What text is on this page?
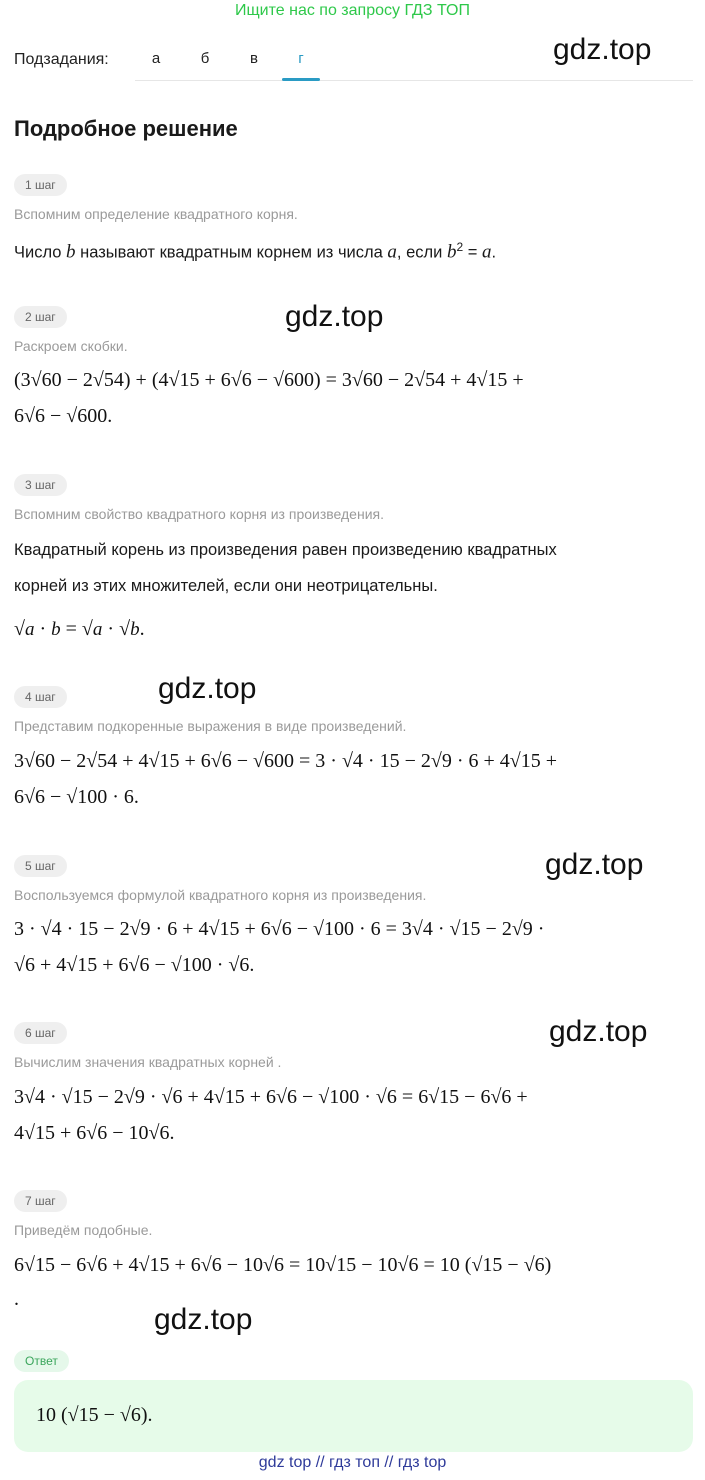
Ищите нас по запросу ГДЗ ТОП
Подзадания:	а	б	в	г	gdz.top
gdz.top
gdz.top
gdz.top
gdz.top
gdz.top
Подробное решение
1 шаг
Вспомним определение квадратного корня.
Число b называют квадратным корнем из числа a, если $b^2 = a$.
2 шаг
Раскроем скобки.
(3√60 − 2√54) + (4√15 + 6√6 − √600) = 3√60 − 2√54 + 4√15 +
6√6 − √600.
3 шаг
Вспомним свойство квадратного корня из произведения.
Квадратный корень из произведения равен произведению квадратных
корней из этих множителей, если они неотрицательны.
√a · b = √a · √b.
4 шаг
Представим подкоренные выражения в виде произведений.
3√60 − 2√54 + 4√15 + 6√6 − √600 = 3 · √4 · 15 − 2√9 · 6 + 4√15 +
6√6 − √100 · 6.
5 шаг
Воспользуемся формулой квадратного корня из произведения.
3 · √4 · 15 − 2√9 · 6 + 4√15 + 6√6 − √100 · 6 = 3√4 · √15 − 2√9 ·
√6 + 4√15 + 6√6 − √100 · √6.
6 шаг
Вычислим значения квадратных корней .
3√4 · √15 − 2√9 · √6 + 4√15 + 6√6 − √100 · √6 = 6√15 − 6√6 +
4√15 + 6√6 − 10√6.
7 шаг
Приведём подобные.
6√15 − 6√6 + 4√15 + 6√6 − 10√6 = 10√15 − 10√6 = 10 (√15 − √6)
.
Ответ
10 (√15 − √6).
gdz top // гдз топ // гдз top
